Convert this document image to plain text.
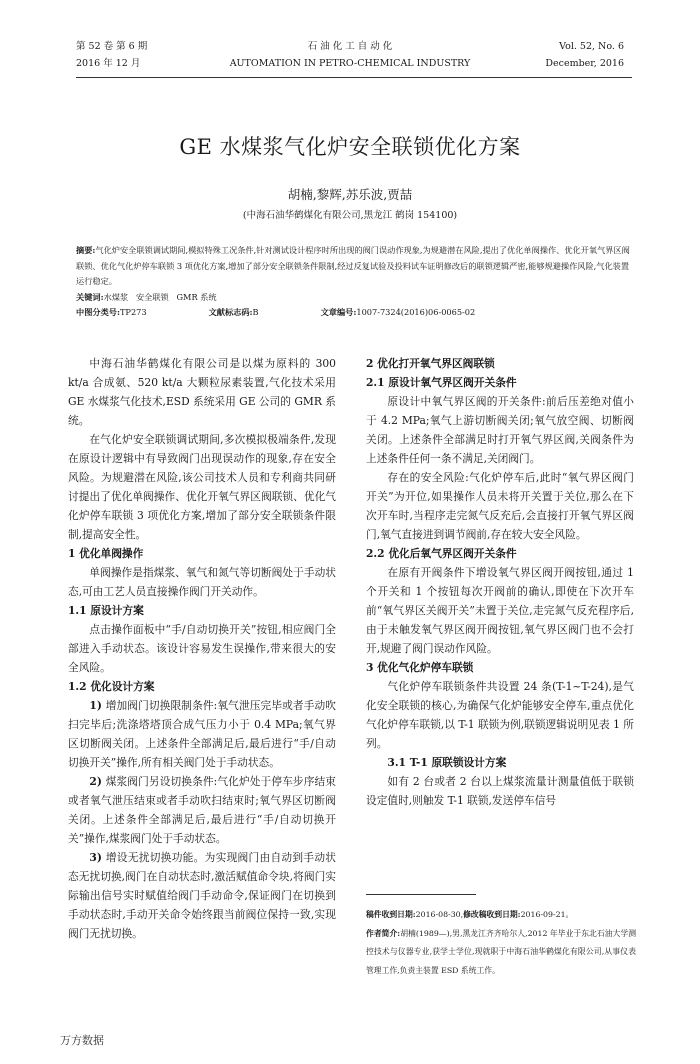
第 52 卷 第 6 期
2016 年 12 月
石 油 化 工 自 动 化
AUTOMATION IN PETRO-CHEMICAL INDUSTRY
Vol. 52, No. 6
December, 2016
GE 水煤浆气化炉安全联锁优化方案
胡楠,黎辉,苏乐波,贾喆
(中海石油华鹤煤化有限公司,黑龙江 鹤岗 154100)
摘要:气化炉安全联锁调试期间,模拟特殊工况条件,针对测试设计程序时所出现的阀门误动作现象,为规避潜在风险,提出了优化单阀操作、优化开氧气界区阀联锁、优化气化炉停车联锁 3 项优化方案,增加了部分安全联锁条件限制,经过反复试验及投料试车证明修改后的联锁逻辑严密,能够规避操作风险,气化装置运行稳定。
关键词:水煤浆   安全联锁   GMR 系统
中图分类号:TP273	文献标志码:B	文章编号:1007-7324(2016)06-0065-02

中海石油华鹤煤化有限公司是以煤为原料的 300 kt/a 合成氨、520 kt/a 大颗粒尿素装置,气化技术采用 GE 水煤浆气化技术,ESD 系统采用 GE 公司的 GMR 系统。

在气化炉安全联锁调试期间,多次模拟极端条件,发现在原设计逻辑中有导致阀门出现误动作的现象,存在安全风险。为规避潜在风险,该公司技术人员和专利商共同研讨提出了优化单阀操作、优化开氧气界区阀联锁、优化气化炉停车联锁 3 项优化方案,增加了部分安全联锁条件限制,提高安全性。

1 优化单阀操作

单阀操作是指煤浆、氧气和氮气等切断阀处于手动状态,可由工艺人员直接操作阀门开关动作。

1.1 原设计方案

点击操作面板中“手/自动切换开关”按钮,相应阀门全部进入手动状态。该设计容易发生误操作,带来很大的安全风险。

1.2 优化设计方案

1) 增加阀门切换限制条件:氧气泄压完毕或者手动吹扫完毕后;洗涤塔塔顶合成气压力小于 0.4 MPa;氧气界区切断阀关闭。上述条件全部满足后,最后进行“手/自动切换开关”操作,所有相关阀门处于手动状态。

2) 煤浆阀门另设切换条件:气化炉处于停车步序结束或者氧气泄压结束或者手动吹扫结束时;氧气界区切断阀关闭。上述条件全部满足后,最后进行“手/自动切换开关”操作,煤浆阀门处于手动状态。

3) 增设无扰切换功能。为实现阀门由自动到手动状态无扰切换,阀门在自动状态时,激活赋值命令块,将阀门实际输出信号实时赋值给阀门手动命令,保证阀门在切换到手动状态时,手动开关命令始终跟当前阀位保持一致,实现阀门无扰切换。

2 优化打开氧气界区阀联锁

2.1 原设计氧气界区阀开关条件

原设计中氧气界区阀的开关条件:前后压差绝对值小于 4.2 MPa;氧气上游切断阀关闭;氧气放空阀、切断阀关闭。上述条件全部满足时打开氧气界区阀,关阀条件为上述条件任何一条不满足,关闭阀门。

存在的安全风险:气化炉停车后,此时“氧气界区阀门开关”为开位,如果操作人员未将开关置于关位,那么在下次开车时,当程序走完氮气反充后,会直接打开氧气界区阀门,氧气直接进到调节阀前,存在较大安全风险。

2.2 优化后氧气界区阀开关条件

在原有开阀条件下增设氧气界区阀开阀按钮,通过 1 个开关和 1 个按钮每次开阀前的确认,即使在下次开车前“氧气界区关阀开关”未置于关位,走完氮气反充程序后,由于未触发氧气界区阀开阀按钮,氧气界区阀门也不会打开,规避了阀门误动作风险。

3 优化气化炉停车联锁

气化炉停车联锁条件共设置 24 条(T-1~T-24),是气化安全联锁的核心,为确保气化炉能够安全停车,重点优化气化炉停车联锁,以 T-1 联锁为例,联锁逻辑说明见表 1 所列。

3.1 T-1 原联锁设计方案

如有 2 台或者 2 台以上煤浆流量计测量值低于联锁设定值时,则触发 T-1 联锁,发送停车信号

稿件收到日期:2016-08-30,修改稿收到日期:2016-09-21。

作者简介:胡楠(1989—),男,黑龙江齐齐哈尔人,2012 年毕业于东北石油大学测控技术与仪器专业,获学士学位,现就职于中海石油华鹤煤化有限公司,从事仪表管理工作,负责主装置 ESD 系统工作。

万方数据
